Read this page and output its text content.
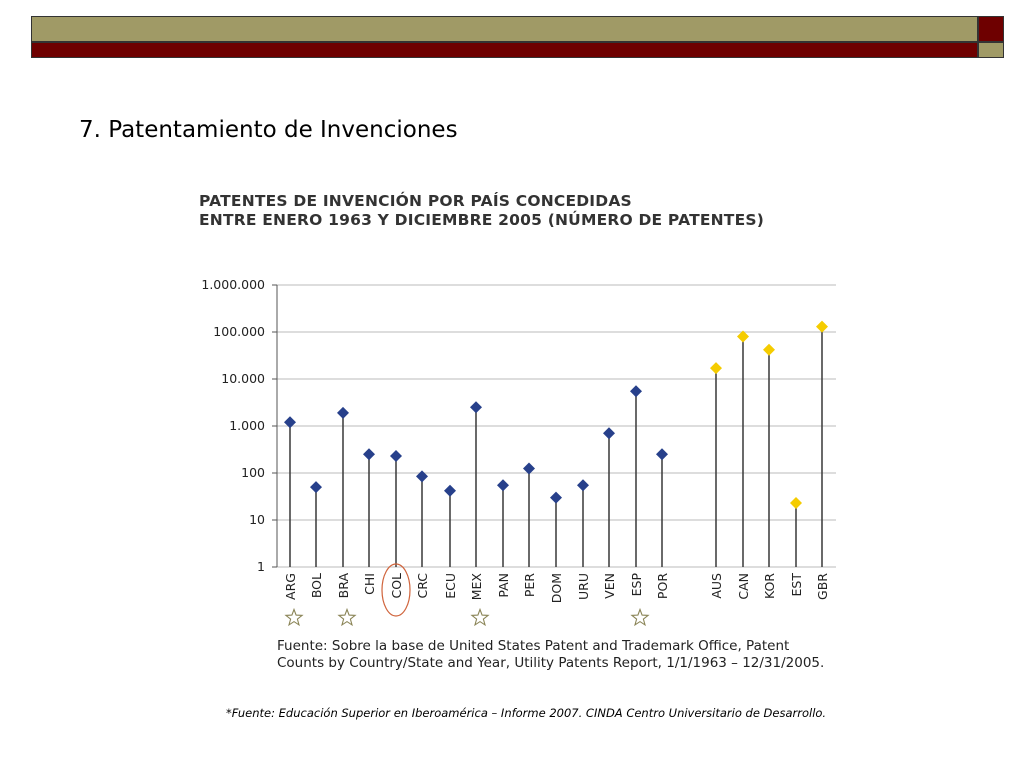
7. Patentamiento de Invenciones
PATENTES DE INVENCIÓN POR PAÍS CONCEDIDAS
ENTRE ENERO 1963 Y DICIEMBRE 2005 (NÚMERO DE PATENTES)
1
10
100
1.000
10.000
100.000
1.000.000
ARG BOL BRA CHI COL CRC ECU MEX PAN PER DOM URU VEN ESP POR	AUS CAN KOR EST GBR
Fuente: Sobre la base de United States Patent and Trademark Office, Patent Counts by Country/State and Year, Utility Patents Report, 1/1/1963 – 12/31/2005.
*Fuente: Educación Superior en Iberoamérica – Informe 2007. CINDA Centro Universitario de Desarrollo.
